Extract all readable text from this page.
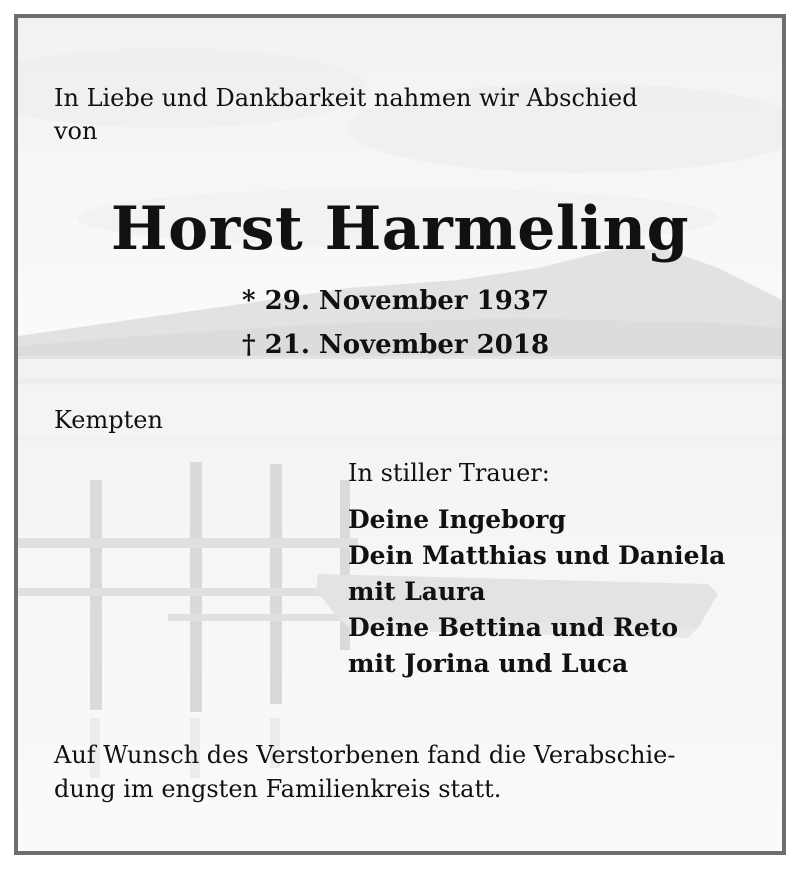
In Liebe und Dankbarkeit nahmen wir Abschied
von
Horst Harmeling
* 29. November 1937
† 21. November 2018
Kempten
In stiller Trauer:
Deine Ingeborg
Dein Matthias und Daniela
mit Laura
Deine Bettina und Reto
mit Jorina und Luca
Auf Wunsch des Verstorbenen fand die Verabschie-
dung im engsten Familienkreis statt.
